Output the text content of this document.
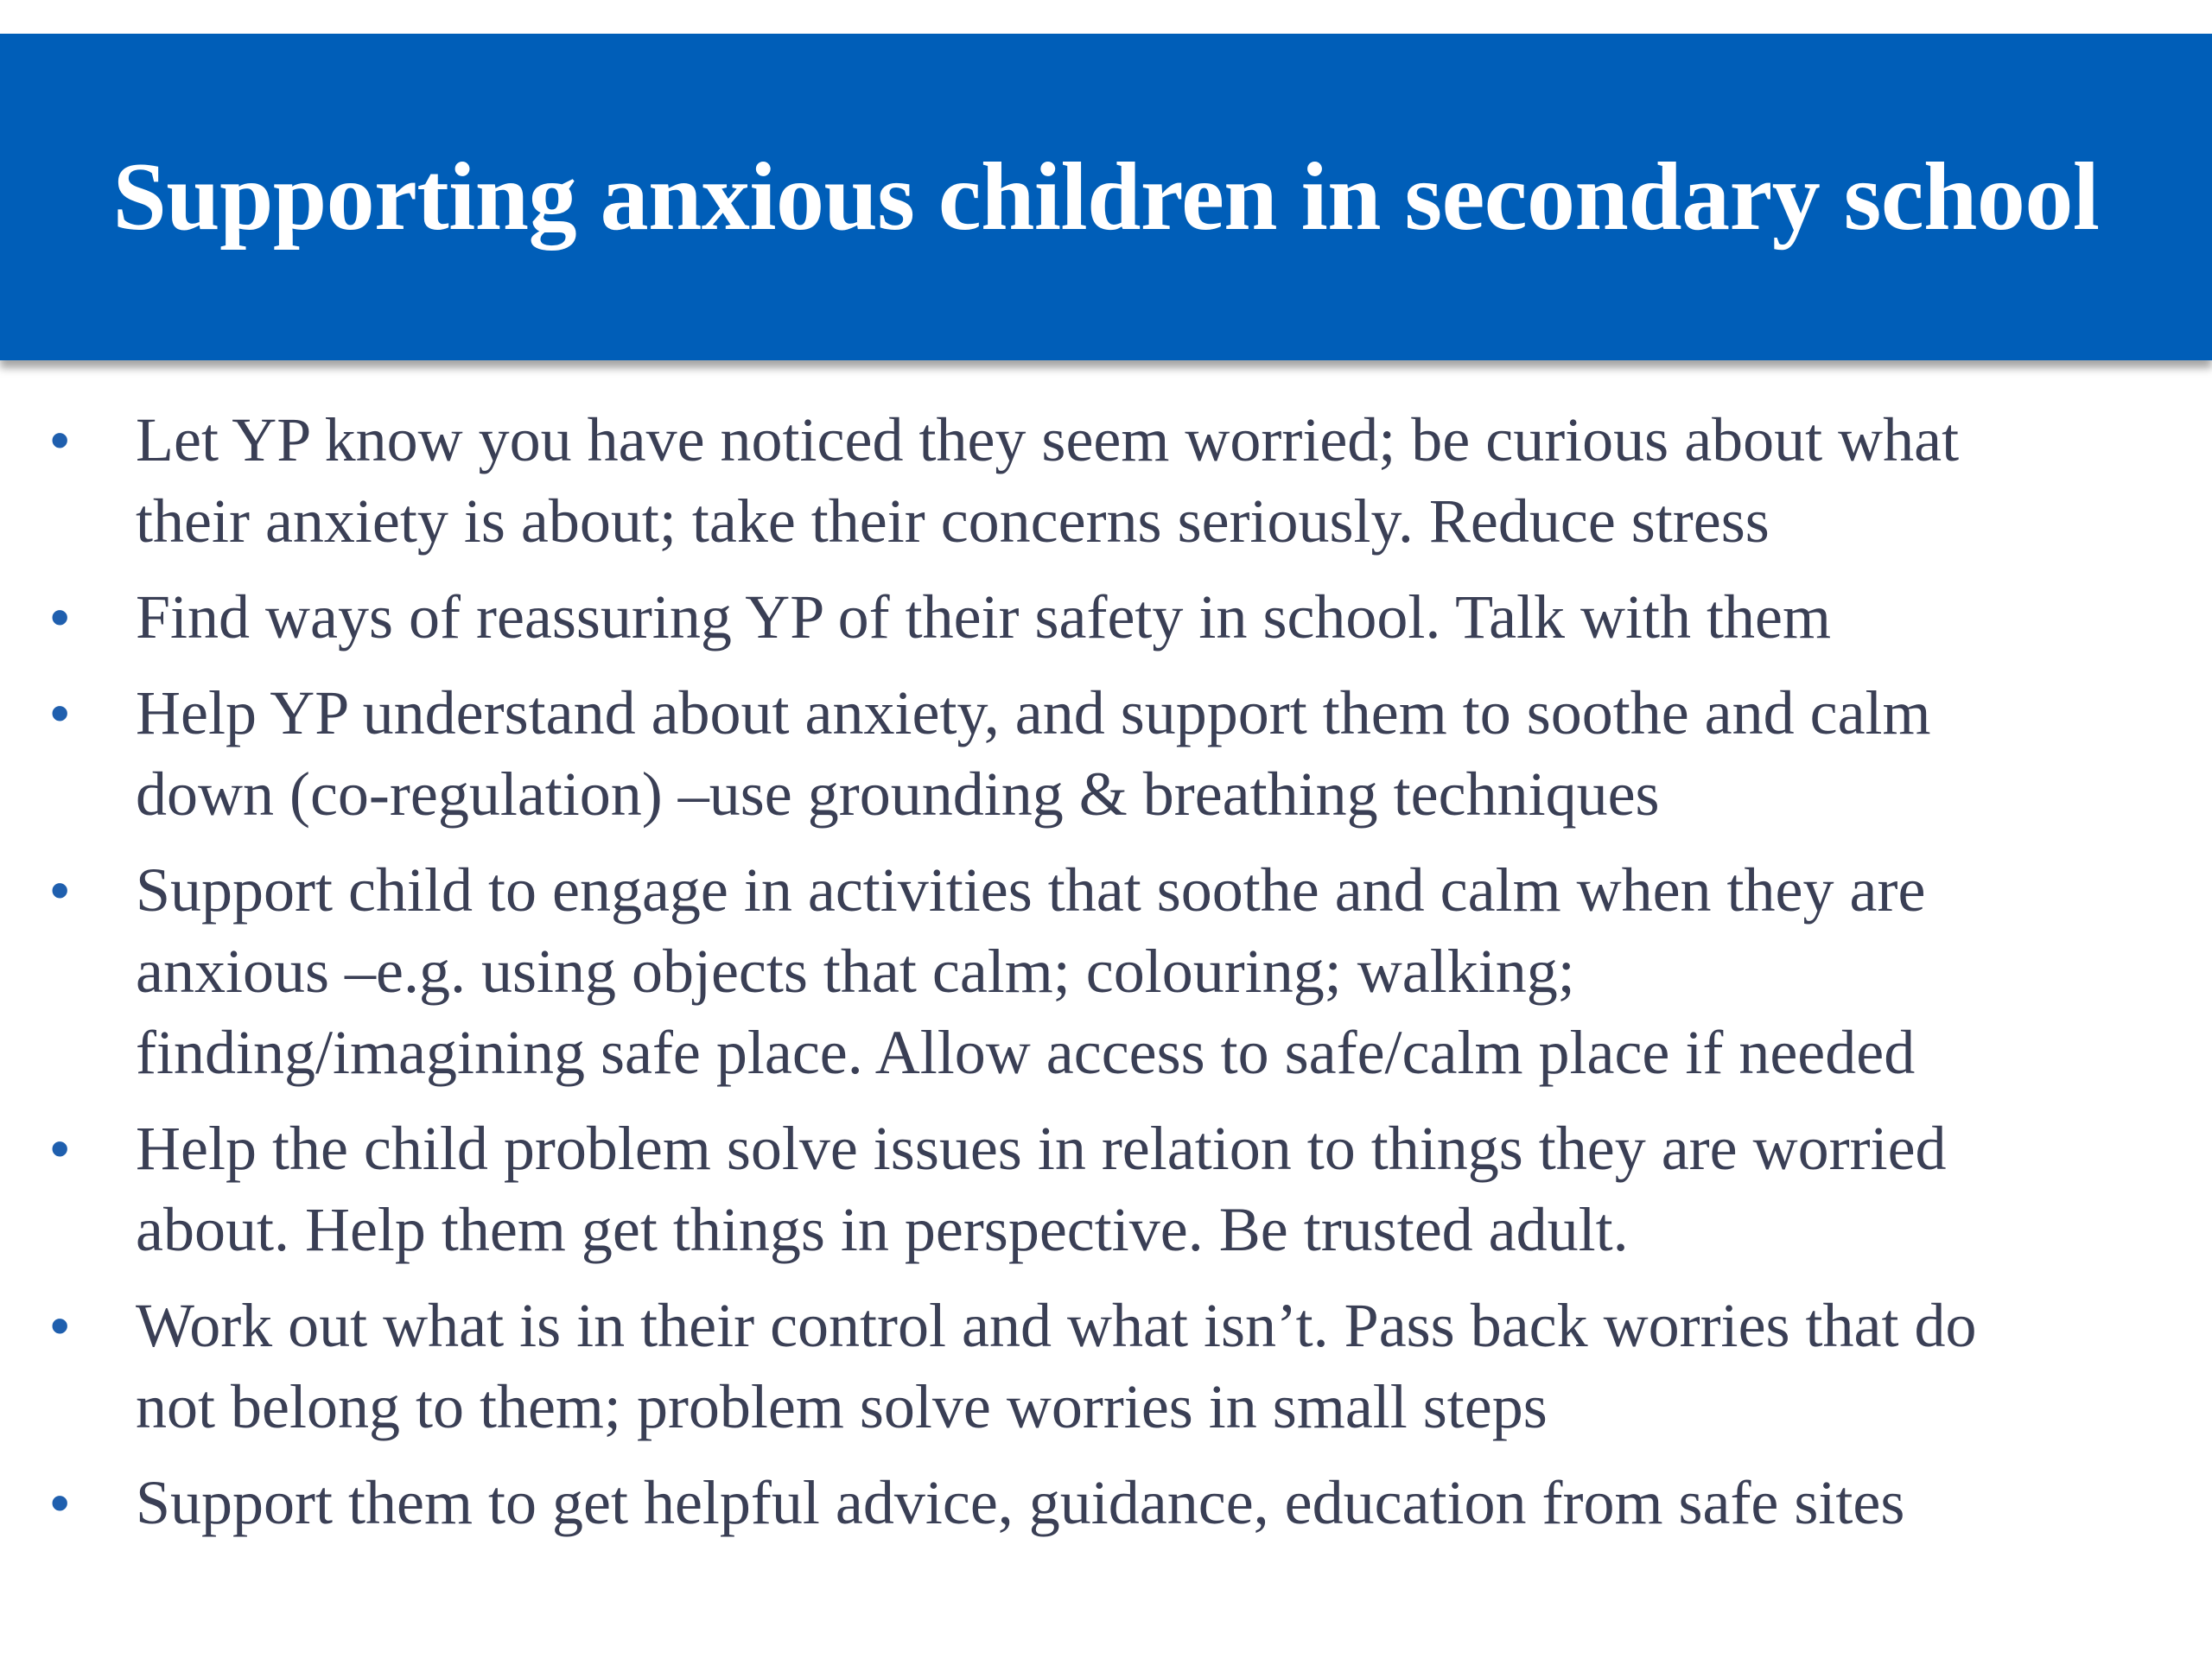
Supporting anxious children in secondary school
• Let YP know you have noticed they seem worried; be curious about what
their anxiety is about; take their concerns seriously. Reduce stress
• Find ways of reassuring YP of their safety in school. Talk with them
• Help YP understand about anxiety, and support them to soothe and calm
down (co-regulation) –use grounding & breathing techniques
• Support child to engage in activities that soothe and calm when they are
anxious –e.g. using objects that calm; colouring; walking;
finding/imagining safe place. Allow access to safe/calm place if needed
• Help the child problem solve issues in relation to things they are worried
about. Help them get things in perspective. Be trusted adult.
• Work out what is in their control and what isn’t. Pass back worries that do
not belong to them; problem solve worries in small steps
• Support them to get helpful advice, guidance, education from safe sites
